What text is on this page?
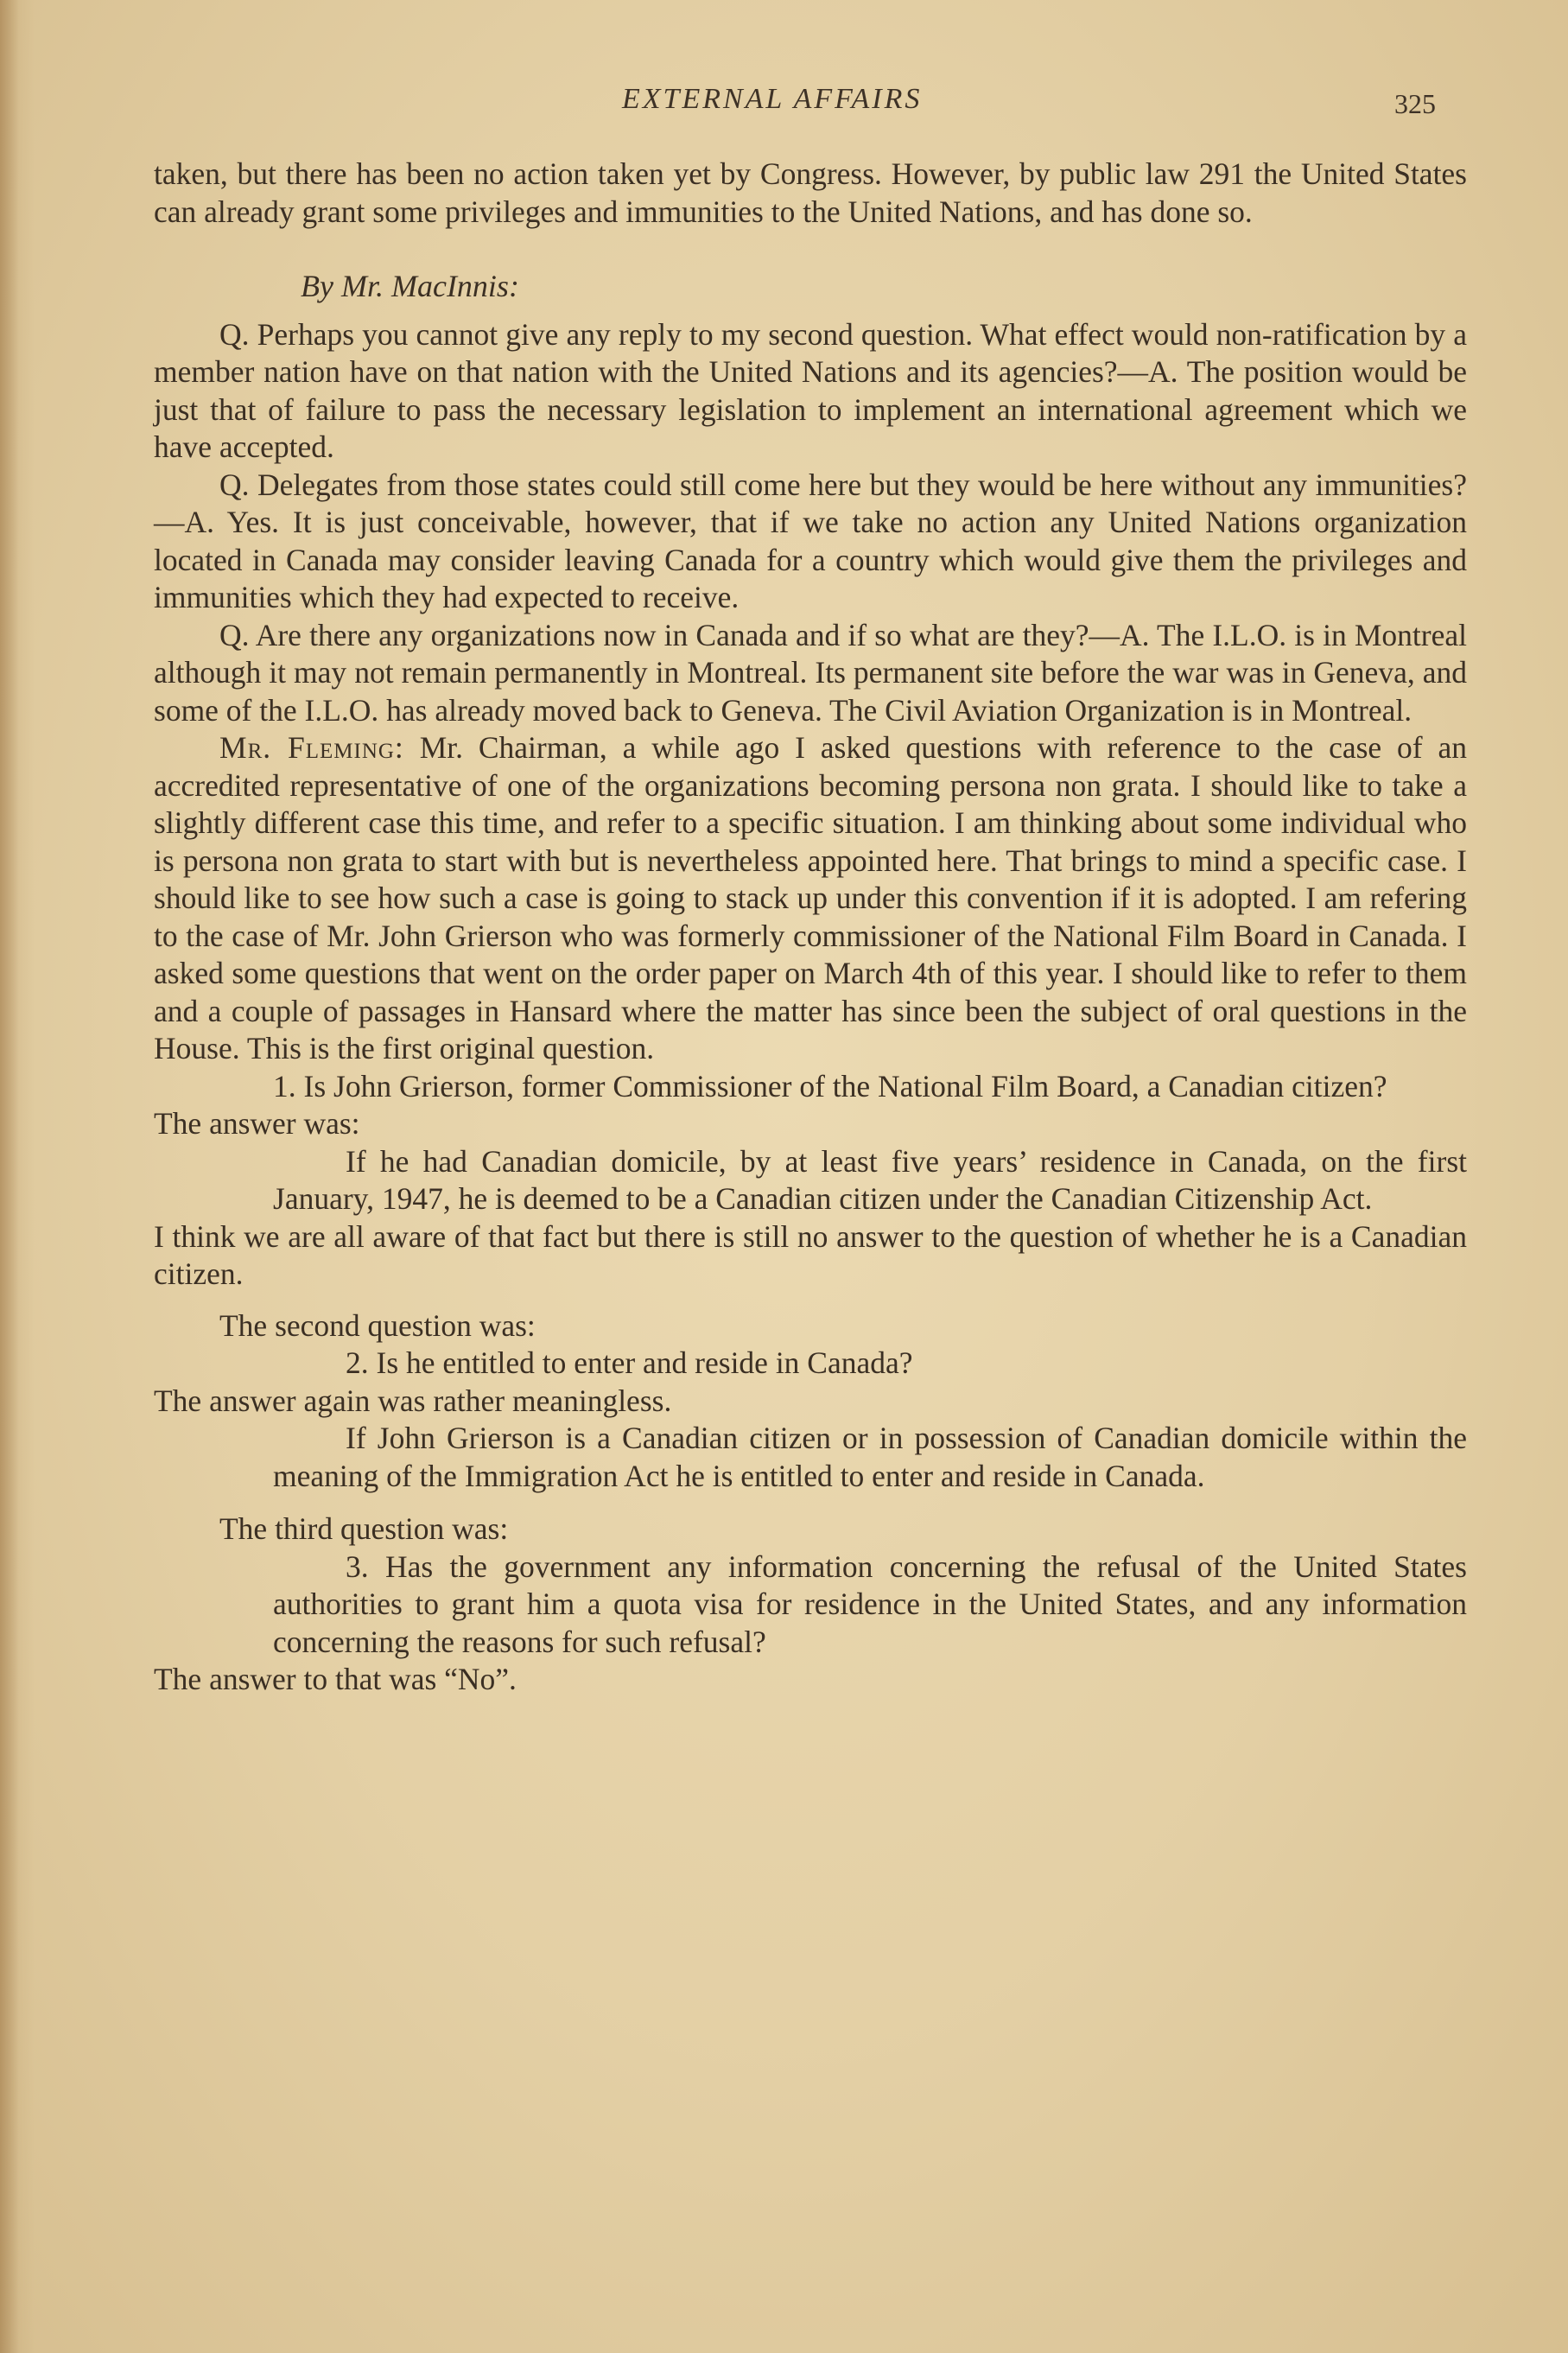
EXTERNAL AFFAIRS	325

taken, but there has been no action taken yet by Congress. However, by public law 291 the United States can already grant some privileges and immunities to the United Nations, and has done so.

By Mr. MacInnis:

Q. Perhaps you cannot give any reply to my second question. What effect would non-ratification by a member nation have on that nation with the United Nations and its agencies?—A. The position would be just that of failure to pass the necessary legislation to implement an international agreement which we have accepted.

Q. Delegates from those states could still come here but they would be here without any immunities?—A. Yes. It is just conceivable, however, that if we take no action any United Nations organization located in Canada may consider leaving Canada for a country which would give them the privileges and immunities which they had expected to receive.

Q. Are there any organizations now in Canada and if so what are they?—A. The I.L.O. is in Montreal although it may not remain permanently in Montreal. Its permanent site before the war was in Geneva, and some of the I.L.O. has already moved back to Geneva. The Civil Aviation Organization is in Montreal.

Mr. Fleming: Mr. Chairman, a while ago I asked questions with reference to the case of an accredited representative of one of the organizations becoming persona non grata. I should like to take a slightly different case this time, and refer to a specific situation. I am thinking about some individual who is persona non grata to start with but is nevertheless appointed here. That brings to mind a specific case. I should like to see how such a case is going to stack up under this convention if it is adopted. I am refering to the case of Mr. John Grierson who was formerly commissioner of the National Film Board in Canada. I asked some questions that went on the order paper on March 4th of this year. I should like to refer to them and a couple of passages in Hansard where the matter has since been the subject of oral questions in the House. This is the first original question.

1. Is John Grierson, former Commissioner of the National Film Board, a Canadian citizen?

The answer was:

If he had Canadian domicile, by at least five years’ residence in Canada, on the first January, 1947, he is deemed to be a Canadian citizen under the Canadian Citizenship Act.

I think we are all aware of that fact but there is still no answer to the question of whether he is a Canadian citizen.

The second question was:

2. Is he entitled to enter and reside in Canada?

The answer again was rather meaningless.

If John Grierson is a Canadian citizen or in possession of Canadian domicile within the meaning of the Immigration Act he is entitled to enter and reside in Canada.

The third question was:

3. Has the government any information concerning the refusal of the United States authorities to grant him a quota visa for residence in the United States, and any information concerning the reasons for such refusal?

The answer to that was “No”.
